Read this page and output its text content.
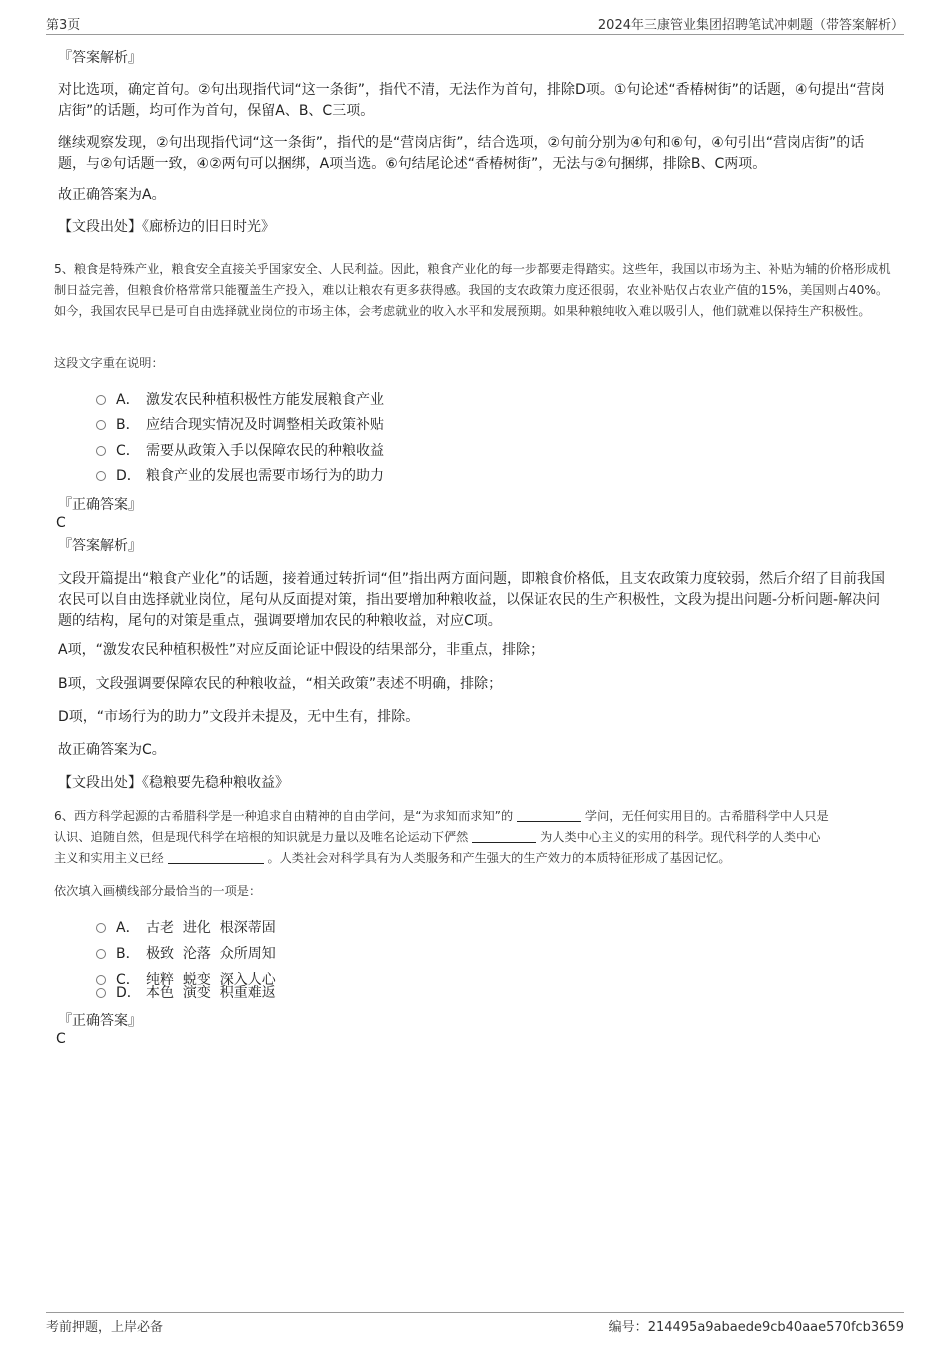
第3页	2024年三康管业集团招聘笔试冲刺题（带答案解析）
『答案解析』
对比选项，确定首句。②句出现指代词“这一条街”，指代不清，无法作为首句，排除D项。①句论述“香椿树街”的话题，④句提出“营岗店街”的话题，均可作为首句，保留A、B、C三项。
继续观察发现，②句出现指代词“这一条街”，指代的是“营岗店街”，结合选项，②句前分别为④句和⑥句，④句引出“营岗店街”的话题，与②句话题一致，④②两句可以捆绑，A项当选。⑥句结尾论述“香椿树街”，无法与②句捆绑，排除B、C两项。
故正确答案为A。
【文段出处】《廊桥边的旧日时光》
5、粮食是特殊产业，粮食安全直接关乎国家安全、人民利益。因此，粮食产业化的每一步都要走得踏实。这些年，我国以市场为主、补贴为辅的价格形成机制日益完善，但粮食价格常常只能覆盖生产投入，难以让粮农有更多获得感。我国的支农政策力度还很弱，农业补贴仅占农业产值的15%，美国则占40%。如今，我国农民早已是可自由选择就业岗位的市场主体，会考虑就业的收入水平和发展预期。如果种粮纯收入难以吸引人，他们就难以保持生产积极性。
这段文字重在说明：
A． 激发农民种植积极性方能发展粮食产业
B． 应结合现实情况及时调整相关政策补贴
C． 需要从政策入手以保障农民的种粮收益
D． 粮食产业的发展也需要市场行为的助力
『正确答案』
C
『答案解析』
文段开篇提出“粮食产业化”的话题，接着通过转折词“但”指出两方面问题，即粮食价格低，且支农政策力度较弱，然后介绍了目前我国农民可以自由选择就业岗位，尾句从反面提对策，指出要增加种粮收益，以保证农民的生产积极性，文段为提出问题-分析问题-解决问题的结构，尾句的对策是重点，强调要增加农民的种粮收益，对应C项。
A项，“激发农民种植积极性”对应反面论证中假设的结果部分，非重点，排除；
B项，文段强调要保障农民的种粮收益，“相关政策”表述不明确，排除；
D项，“市场行为的助力”文段并未提及，无中生有，排除。
故正确答案为C。
【文段出处】《稳粮要先稳种粮收益》
6、西方科学起源的古希腊科学是一种追求自由精神的自由学问，是“为求知而求知”的	学问，无任何实用目的。古希腊科学中人只是
认识、追随自然，但是现代科学在培根的知识就是力量以及唯名论运动下俨然	为人类中心主义的实用的科学。现代科学的人类中心
主义和实用主义已经	。人类社会对科学具有为人类服务和产生强大的生产效力的本质特征形成了基因记忆。
依次填入画横线部分最恰当的一项是：
A． 古老  进化  根深蒂固
B． 极致  沦落  众所周知
C． 纯粹  蜕变  深入人心
D． 本色  演变  积重难返
『正确答案』
C
考前押题，上岸必备	编号：214495a9abaede9cb40aae570fcb3659
